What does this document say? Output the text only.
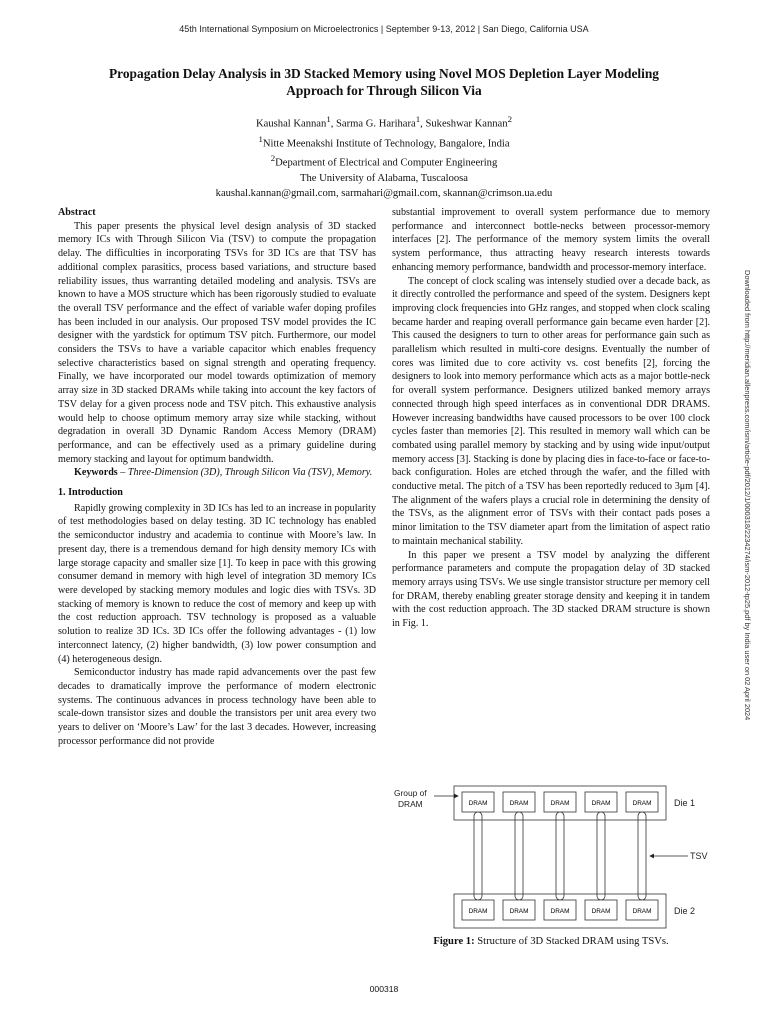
45th International Symposium on Microelectronics | September 9-13, 2012 | San Diego, California USA
Propagation Delay Analysis in 3D Stacked Memory using Novel MOS Depletion Layer Modeling
Approach for Through Silicon Via
Kaushal Kannan$^1$, Sarma G. Harihara$^1$, Sukeshwar Kannan$^2$
$^1$Nitte Meenakshi Institute of Technology, Bangalore, India
$^2$Department of Electrical and Computer Engineering
The University of Alabama, Tuscaloosa
kaushal.kannan@gmail.com, sarmahari@gmail.com, skannan@crimson.ua.edu
Abstract

This paper presents the physical level design analysis of 3D stacked memory ICs with Through Silicon Via (TSV) to compute the propagation delay. The difficulties in incorporating TSVs for 3D ICs are that TSV has additional complex parasitics, process based variations, and structure based reliability issues, thus warranting detailed modeling and analysis. TSVs are known to have a MOS structure which has been rigorously studied to evaluate the overall TSV performance and the effect of variable wafer doping profiles has been included in our analysis. Our proposed TSV model provides the IC designer with the yardstick for optimum TSV pitch. Furthermore, our model considers the TSVs to have a variable capacitor which enables frequency selective characteristics based on signal strength and operating frequency. Finally, we have incorporated our model towards optimization of memory array size in 3D stacked DRAMs while taking into account the key factors of TSV delay for a given process node and TSV pitch. This exhaustive analysis would help to choose optimum memory array size while stacking, without degradation in overall 3D Dynamic Random Access Memory (DRAM) performance, and can be effectively used as a primary guideline during memory stacking and layout for optimum bandwidth.

Keywords – Three-Dimension (3D), Through Silicon Via (TSV), Memory.

1. Introduction

Rapidly growing complexity in 3D ICs has led to an increase in popularity of test methodologies based on delay testing. 3D IC technology has enabled the semiconductor industry and academia to continue with Moore’s law. In present day, there is a tremendous demand for high density memory ICs with large storage capacity and smaller size [1]. To keep in pace with this growing consumer demand in memory with high level of integration 3D memory ICs were developed by stacking memory modules and logic dies with TSVs. 3D stacking of memory is known to reduce the cost of memory and keep up with the cost reduction approach. TSV technology is proposed as a valuable solution to realize 3D ICs. 3D ICs offer the following advantages - (1) low interconnect latency, (2) higher bandwidth, (3) low power consumption and (4) heterogeneous design.

Semiconductor industry has made rapid advancements over the past few decades to dramatically improve the performance of modern electronic systems. The continuous advances in process technology have been able to scale-down transistor sizes and double the transistors per unit area every two years to deliver on ‘Moore’s Law’ for the last 3 decades. However, increasing processor performance did not provide

substantial improvement to overall system performance due to memory performance and interconnect bottle-necks between processor-memory interfaces [2]. The performance of the memory system limits the overall system performance, thus attracting heavy research interests towards enhancing memory performance, bandwidth and processor-memory interface.

The concept of clock scaling was intensely studied over a decade back, as it directly controlled the performance and speed of the system. Designers kept improving clock frequencies into GHz ranges, and stopped when clock scaling became harder and reaping overall performance gain became even harder [2]. This caused the designers to turn to other areas for performance gain such as parallelism which resulted in multi-core designs. Eventually the number of cores was limited due to core activity vs. cost benefits [2], forcing the designers to look into memory performance which acts as a major bottle-neck for overall system performance. Designers utilized banked memory arrays connected through high speed interfaces as in conventional DDR DRAMS. However increasing bandwidths have caused processors to be over 100 clock cycles faster than memories [2]. This resulted in memory wall which can be combated using parallel memory by stacking and by using wide input/output memory access [3]. Stacking is done by placing dies in face-to-face or face-to-back configuration. Holes are etched through the wafer, and the filled with conductive metal. The pitch of a TSV has been reportedly reduced to 3μm [4]. The alignment of the wafers plays a crucial role in determining the density of the TSVs, as the alignment error of TSVs with their contact pads poses a minor limitation to the TSV diameter apart from the limitation of aspect ratio to maintain mechanical stability.

In this paper we present a TSV model by analyzing the different performance parameters and compute the propagation delay of 3D stacked memory arrays using TSVs. We use single transistor structure per memory cell for DRAM, thereby enabling greater storage density and keeping it in tandem with the cost reduction approach. The 3D stacked DRAM structure is shown in Fig. 1.

Group of
DRAM	DRAM	DRAM	DRAM	DRAM	DRAM
DRAM	DRAM	DRAM	DRAM	DRAM
Die 1
Die 2
TSV
Figure 1: Structure of 3D Stacked DRAM using TSVs.
Downloaded from http://meridian.allenpress.com/ism/article-pdf/2012/1/000318/2234274/ism-2012-tp25.pdf by India user on 02 April 2024
000318
